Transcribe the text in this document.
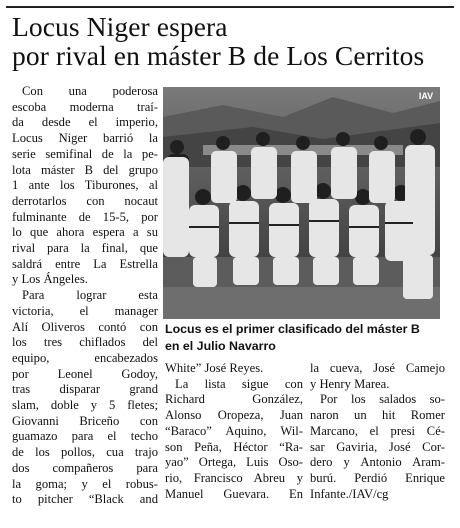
Locus Niger espera
por rival en máster B de Los Cerritos

Con una poderosa
escoba moderna traí-
da desde el imperio,
Locus Niger barrió la
serie semifinal de la pe-
lota máster B del grupo
1 ante los Tiburones, al
derrotarlos con nocaut
fulminante de 15-5, por
lo que ahora espera a su
rival para la final, que
saldrá entre La Estrella
y Los Ángeles.
Para lograr esta
victoria, el manager
Alí Oliveros contó con
los tres chiflados del
equipo, encabezados
por Leonel Godoy,
tras disparar grand
slam, doble y 5 fletes;
Giovanni Briceño con
guamazo para el techo
de los pollos, cua trajo
dos compañeros para
la goma; y el robus-
to pitcher “Black and

IAV

Locus es el primer clasificado del máster B
en el Julio Navarro

White” José Reyes.
La lista sigue con
Richard González,
Alonso Oropeza, Juan
“Baraco” Aquino, Wil-
son Peña, Héctor “Ra-
yao” Ortega, Luis Oso-
rio, Francisco Abreu y
Manuel Guevara. En

la cueva, José Camejo
y Henry Marea.
Por los salados so-
naron un hit Romer
Marcano, el presi Cé-
sar Gaviria, José Cor-
dero y Antonio Aram-
burú. Perdió Enrique
Infante./IAV/cg
